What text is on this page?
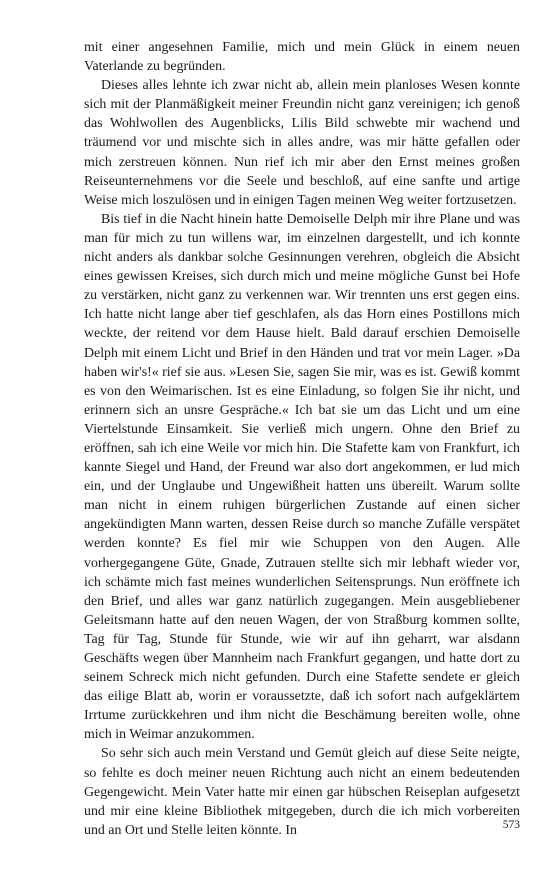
mit einer angesehnen Familie, mich und mein Glück in einem neuen Vaterlande zu begründen.

Dieses alles lehnte ich zwar nicht ab, allein mein planloses Wesen konnte sich mit der Planmäßigkeit meiner Freundin nicht ganz vereinigen; ich genoß das Wohlwollen des Augenblicks, Lilis Bild schwebte mir wachend und träumend vor und mischte sich in alles andre, was mir hätte gefallen oder mich zerstreuen können. Nun rief ich mir aber den Ernst meines großen Reiseunternehmens vor die Seele und beschloß, auf eine sanfte und artige Weise mich loszulösen und in einigen Tagen meinen Weg weiter fortzusetzen.

Bis tief in die Nacht hinein hatte Demoiselle Delph mir ihre Plane und was man für mich zu tun willens war, im einzelnen dargestellt, und ich konnte nicht anders als dankbar solche Gesinnungen verehren, obgleich die Absicht eines gewissen Kreises, sich durch mich und meine mögliche Gunst bei Hofe zu verstärken, nicht ganz zu verkennen war. Wir trennten uns erst gegen eins. Ich hatte nicht lange aber tief geschlafen, als das Horn eines Postillons mich weckte, der reitend vor dem Hause hielt. Bald darauf erschien Demoiselle Delph mit einem Licht und Brief in den Händen und trat vor mein Lager. »Da haben wir's!« rief sie aus. »Lesen Sie, sagen Sie mir, was es ist. Gewiß kommt es von den Weimarischen. Ist es eine Einladung, so folgen Sie ihr nicht, und erinnern sich an unsre Gespräche.« Ich bat sie um das Licht und um eine Viertelstunde Einsamkeit. Sie verließ mich ungern. Ohne den Brief zu eröffnen, sah ich eine Weile vor mich hin. Die Stafette kam von Frankfurt, ich kannte Siegel und Hand, der Freund war also dort angekommen, er lud mich ein, und der Unglaube und Ungewißheit hatten uns übereilt. Warum sollte man nicht in einem ruhigen bürgerlichen Zustande auf einen sicher angekündigten Mann warten, dessen Reise durch so manche Zufälle verspätet werden konnte? Es fiel mir wie Schuppen von den Augen. Alle vorhergegangene Güte, Gnade, Zutrauen stellte sich mir lebhaft wieder vor, ich schämte mich fast meines wunderlichen Seitensprungs. Nun eröffnete ich den Brief, und alles war ganz natürlich zugegangen. Mein ausgebliebener Geleitsmann hatte auf den neuen Wagen, der von Straßburg kommen sollte, Tag für Tag, Stunde für Stunde, wie wir auf ihn geharrt, war alsdann Geschäfts wegen über Mannheim nach Frankfurt gegangen, und hatte dort zu seinem Schreck mich nicht gefunden. Durch eine Stafette sendete er gleich das eilige Blatt ab, worin er voraussetzte, daß ich sofort nach aufgeklärtem Irrtume zurückkehren und ihm nicht die Beschämung bereiten wolle, ohne mich in Weimar anzukommen.

So sehr sich auch mein Verstand und Gemüt gleich auf diese Seite neigte, so fehlte es doch meiner neuen Richtung auch nicht an einem bedeutenden Gegengewicht. Mein Vater hatte mir einen gar hübschen Reiseplan aufgesetzt und mir eine kleine Bibliothek mitgegeben, durch die ich mich vorbereiten und an Ort und Stelle leiten könnte. In	573
